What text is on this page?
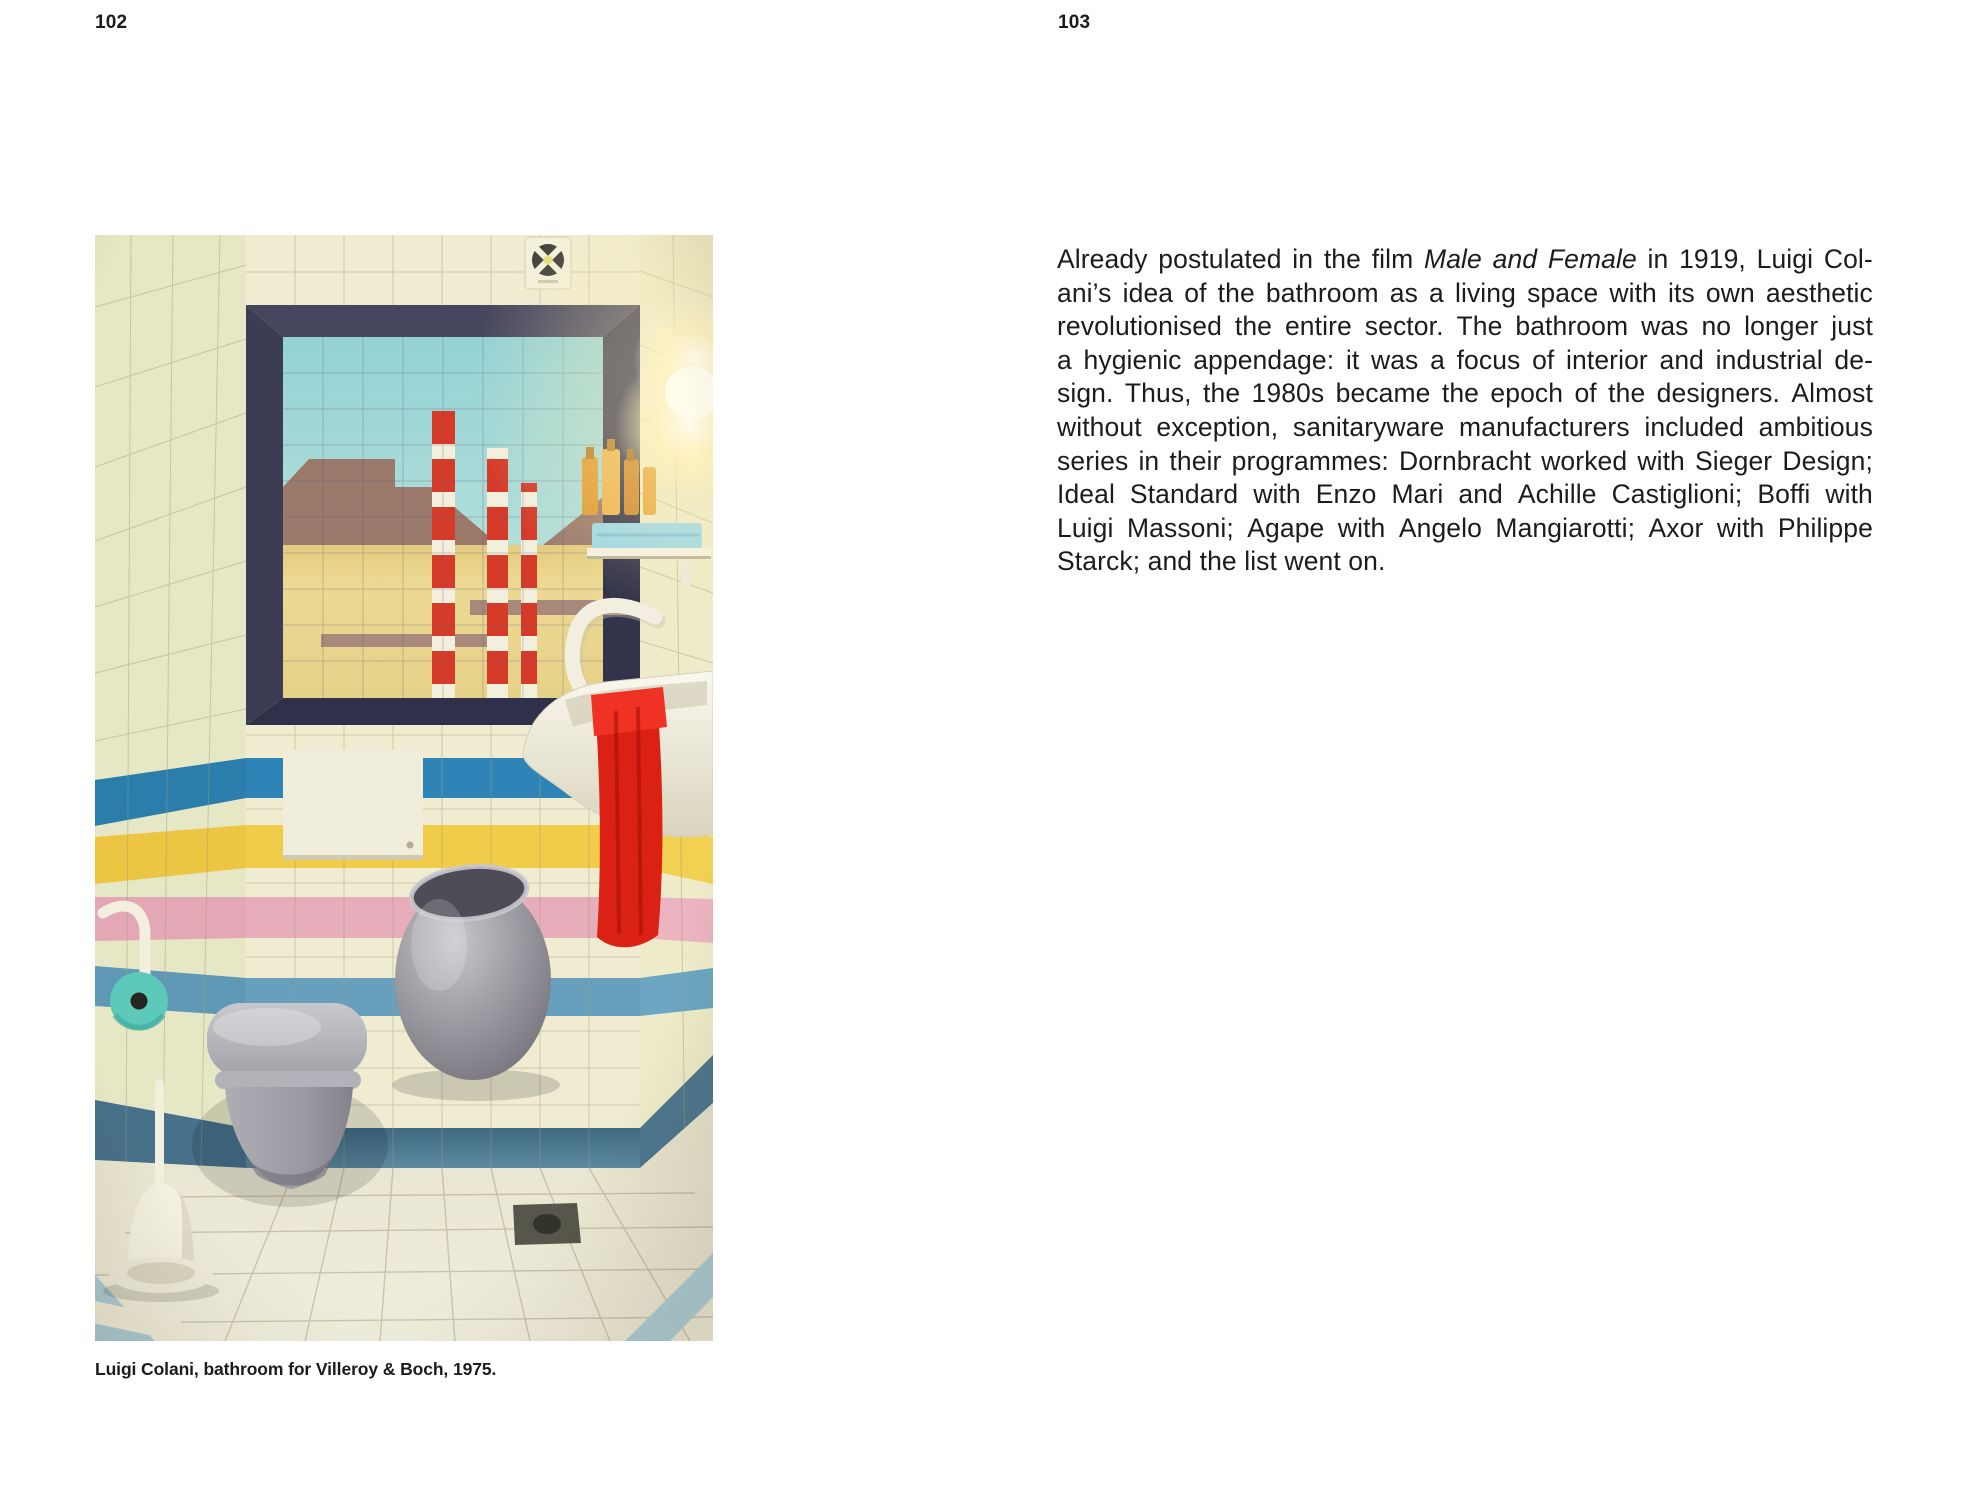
102	103
Luigi Colani, bathroom for Villeroy & Boch, 1975.
Already postulated in the film Male and Female in 1919, Luigi Col-
ani’s idea of the bathroom as a living space with its own aesthetic
revolutionised the entire sector. The bathroom was no longer just
a hygienic appendage: it was a focus of interior and industrial de-
sign. Thus, the 1980s became the epoch of the designers. Almost
without exception, sanitaryware manufacturers included ambitious
series in their programmes: Dornbracht worked with Sieger Design;
Ideal Standard with Enzo Mari and Achille Castiglioni; Boffi with
Luigi Massoni; Agape with Angelo Mangiarotti; Axor with Philippe
Starck; and the list went on.
